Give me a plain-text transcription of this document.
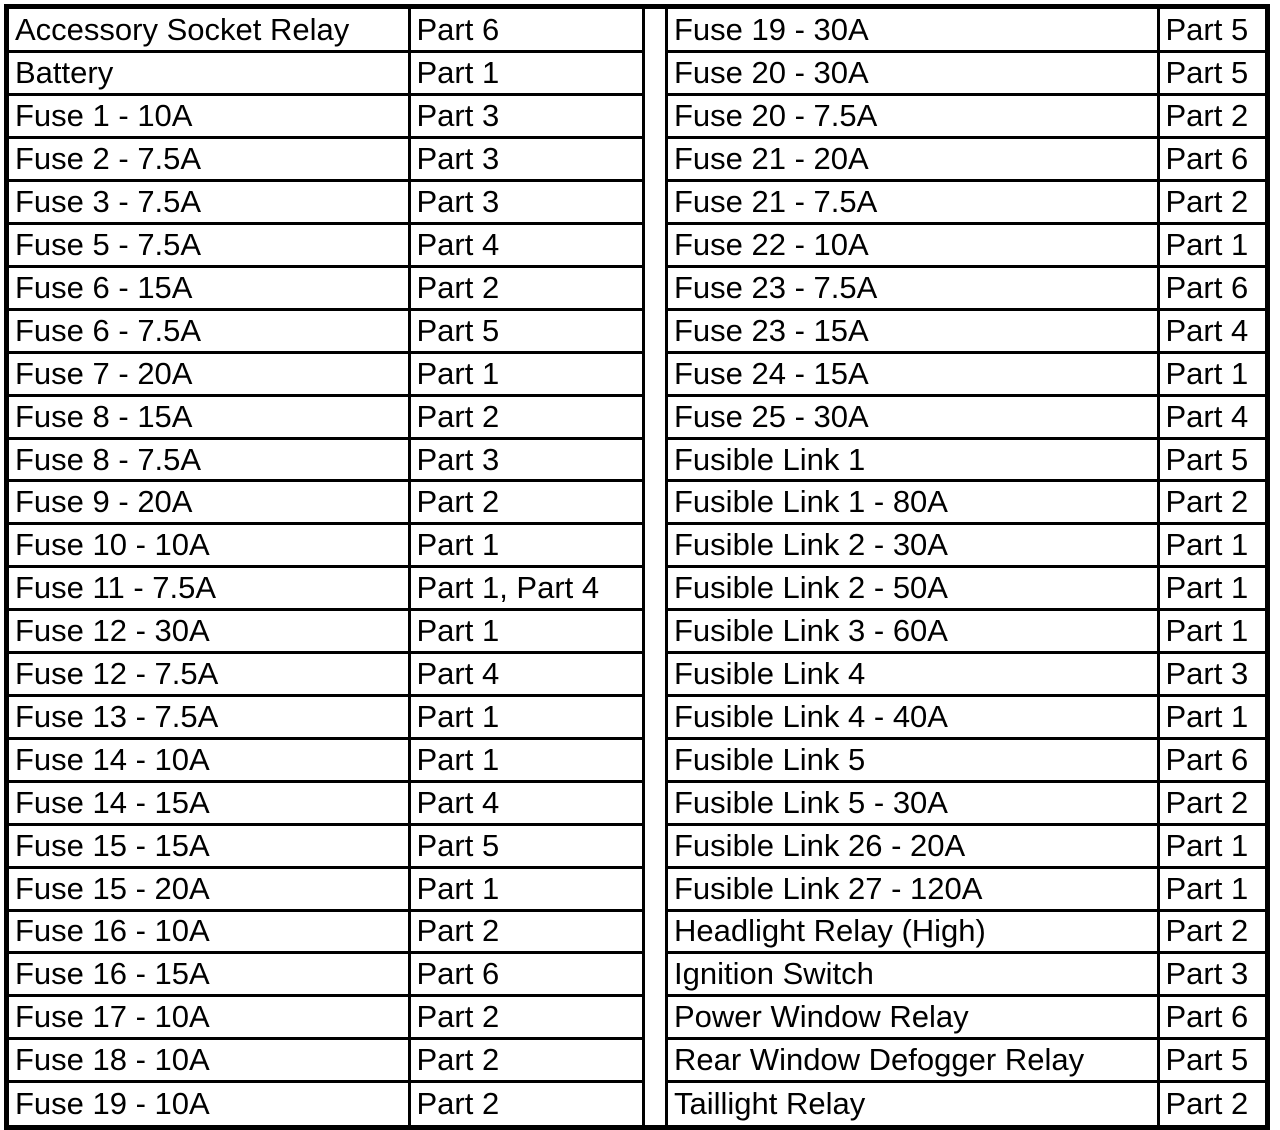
Accessory Socket Relay	Part 6
Battery	Part 1
Fuse 1 - 10A	Part 3
Fuse 2 - 7.5A	Part 3
Fuse 3 - 7.5A	Part 3
Fuse 5 - 7.5A	Part 4
Fuse 6 - 15A	Part 2
Fuse 6 - 7.5A	Part 5
Fuse 7 - 20A	Part 1
Fuse 8 - 15A	Part 2
Fuse 8 - 7.5A	Part 3
Fuse 9 - 20A	Part 2
Fuse 10 - 10A	Part 1
Fuse 11 - 7.5A	Part 1, Part 4
Fuse 12 - 30A	Part 1
Fuse 12 - 7.5A	Part 4
Fuse 13 - 7.5A	Part 1
Fuse 14 - 10A	Part 1
Fuse 14 - 15A	Part 4
Fuse 15 - 15A	Part 5
Fuse 15 - 20A	Part 1
Fuse 16 - 10A	Part 2
Fuse 16 - 15A	Part 6
Fuse 17 - 10A	Part 2
Fuse 18 - 10A	Part 2
Fuse 19 - 10A	Part 2
Fuse 19 - 30A	Part 5
Fuse 20 - 30A	Part 5
Fuse 20 - 7.5A	Part 2
Fuse 21 - 20A	Part 6
Fuse 21 - 7.5A	Part 2
Fuse 22 - 10A	Part 1
Fuse 23 - 7.5A	Part 6
Fuse 23 - 15A	Part 4
Fuse 24 - 15A	Part 1
Fuse 25 - 30A	Part 4
Fusible Link 1	Part 5
Fusible Link 1 - 80A	Part 2
Fusible Link 2 - 30A	Part 1
Fusible Link 2 - 50A	Part 1
Fusible Link 3 - 60A	Part 1
Fusible Link 4	Part 3
Fusible Link 4 - 40A	Part 1
Fusible Link 5	Part 6
Fusible Link 5 - 30A	Part 2
Fusible Link 26 - 20A	Part 1
Fusible Link 27 - 120A	Part 1
Headlight Relay (High)	Part 2
Ignition Switch	Part 3
Power Window Relay	Part 6
Rear Window Defogger Relay	Part 5
Taillight Relay	Part 2
